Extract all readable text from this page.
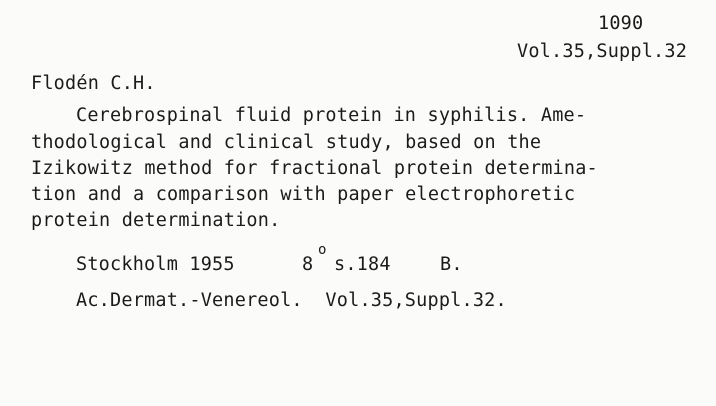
1090
Vol.35,Suppl.32
Flodén C.H.
Cerebrospinal fluid protein in syphilis. Ame-
thodological and clinical study, based on the
Izikowitz method for fractional protein determina-
tion and a comparison with paper electrophoretic
protein determination.
Stockholm 1955	8
o
s.184	B.
Ac.Dermat.-Venereol.  Vol.35,Suppl.32.
